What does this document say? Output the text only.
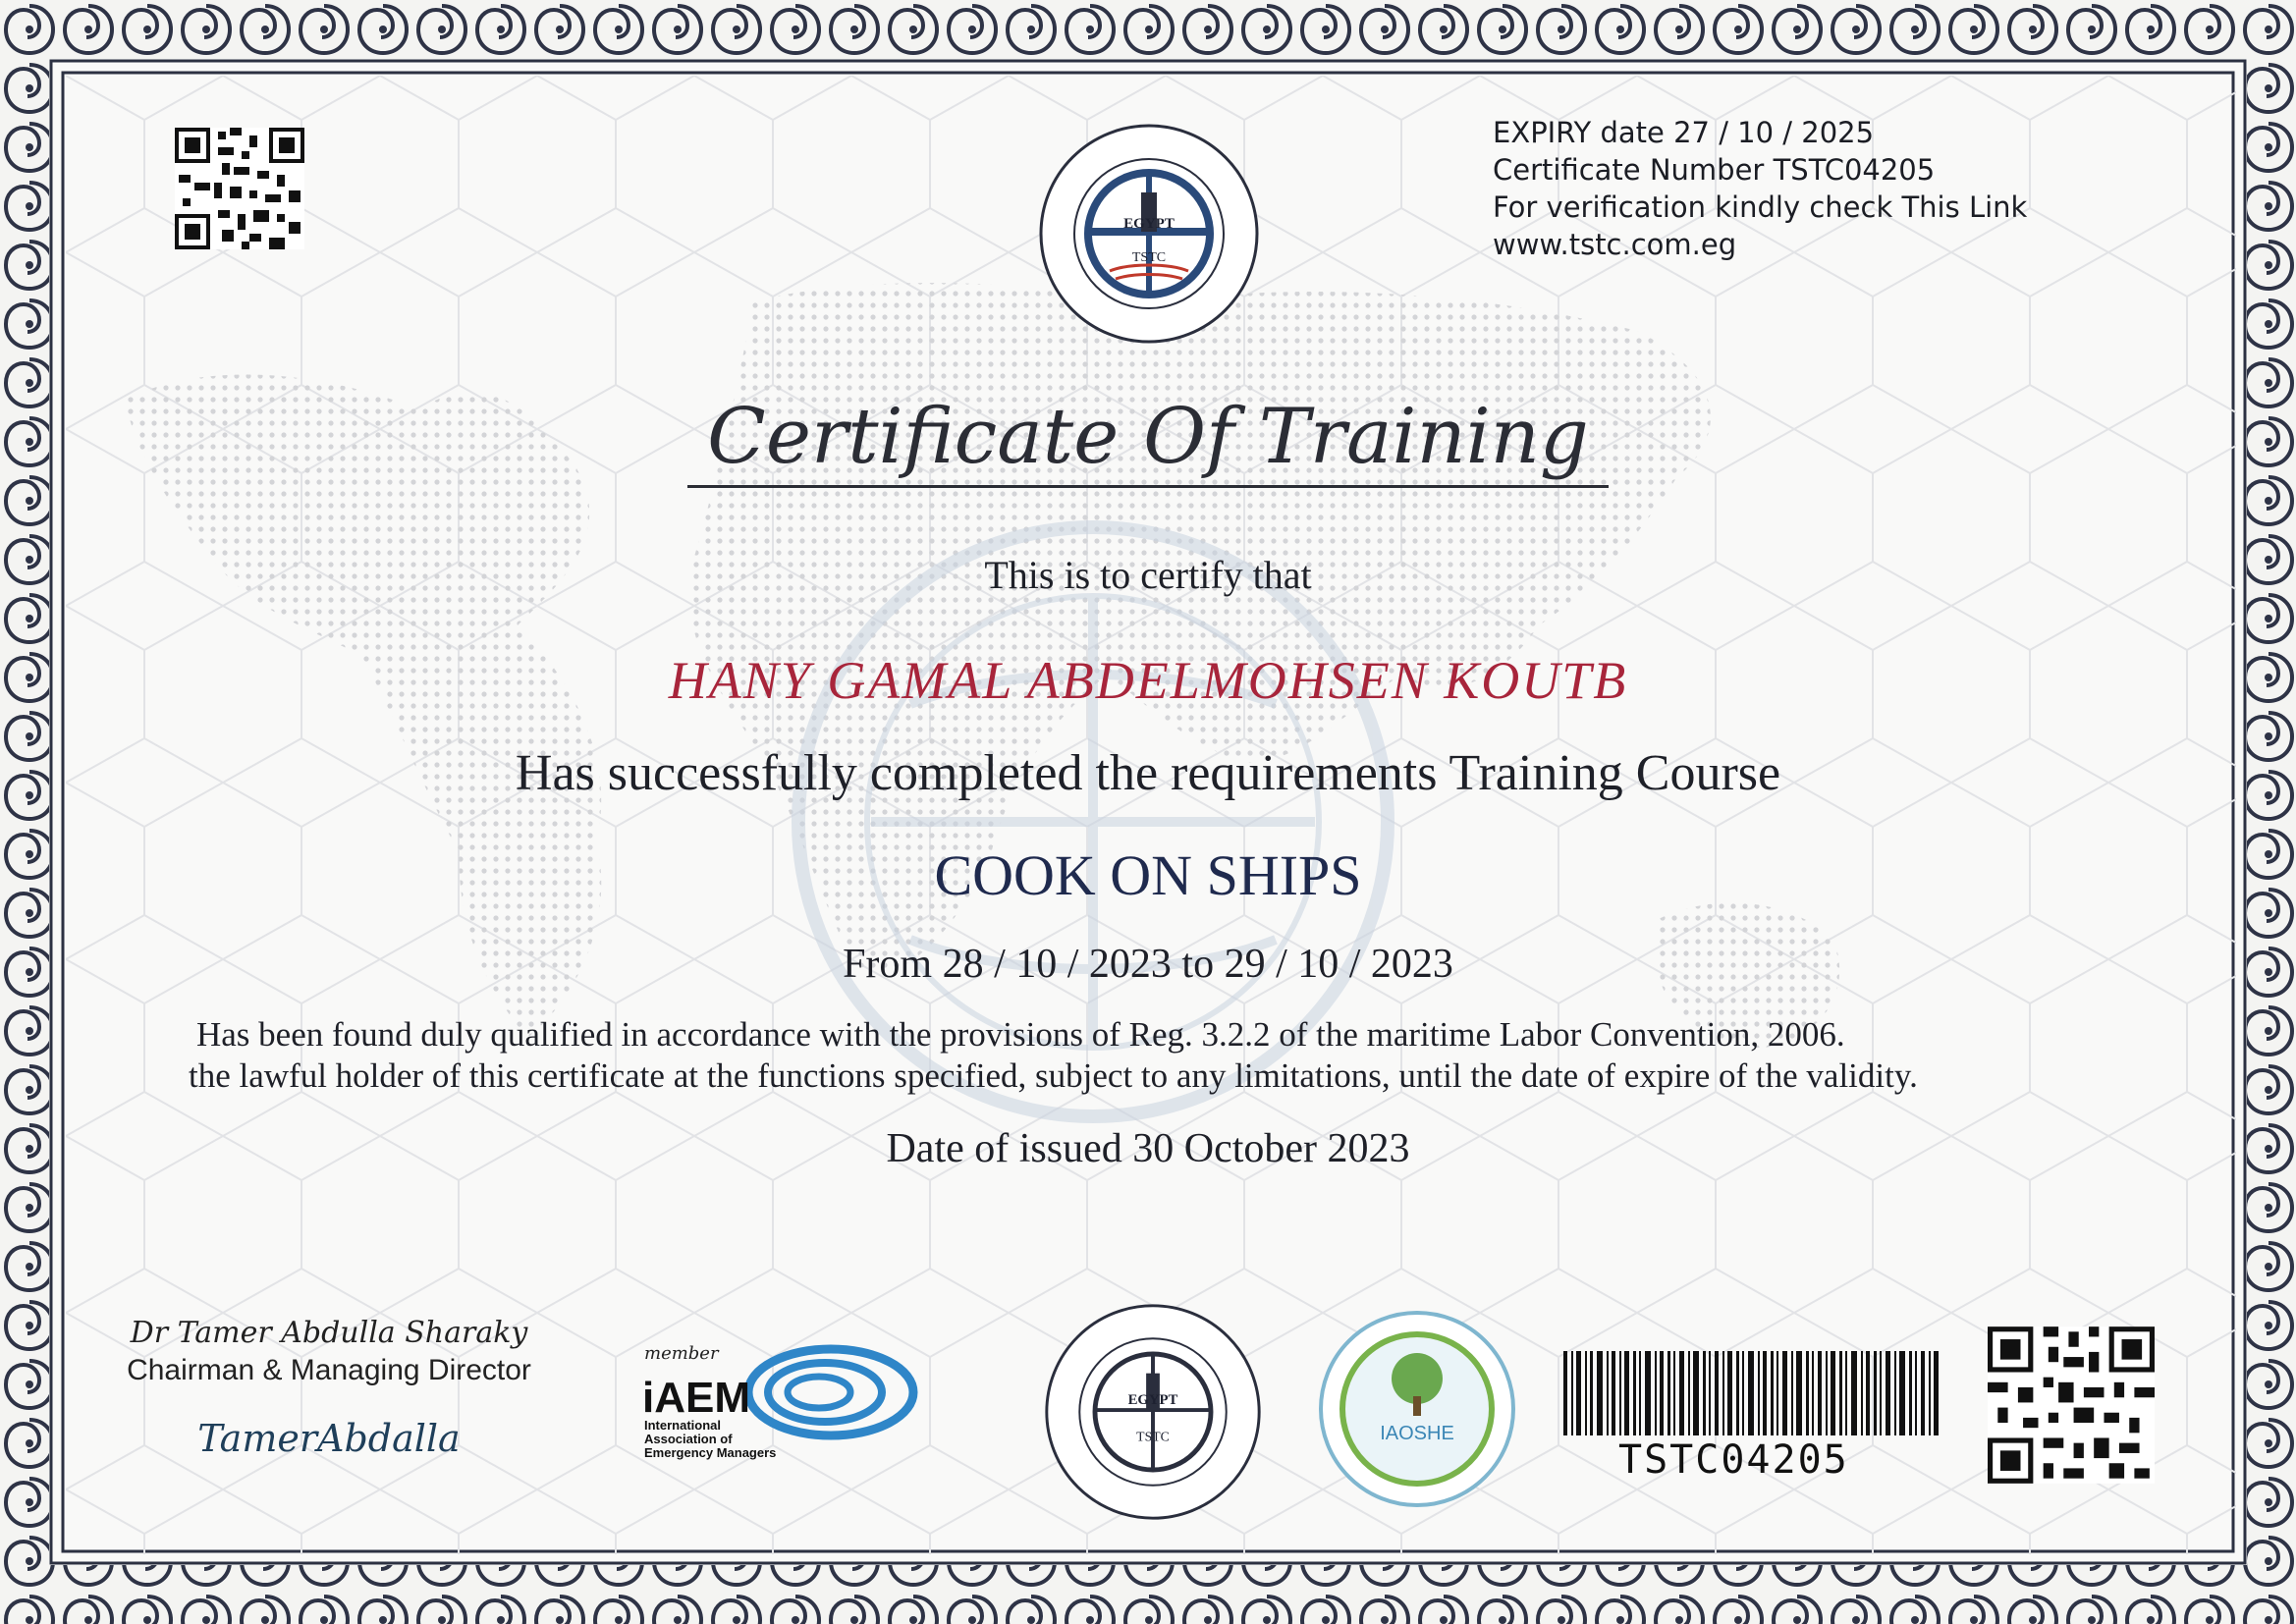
EGYPT
TSTC
EXPIRY date 27 / 10 / 2025
Certificate Number TSTC04205
For verification kindly check This Link
www.tstc.com.eg
Certificate Of Training
This is to certify that
HANY GAMAL ABDELMOHSEN KOUTB
Has successfully completed the requirements Training Course
COOK ON SHIPS
From 28 / 10 / 2023 to 29 / 10 / 2023
Has been found duly qualified in accordance with the provisions of Reg. 3.2.2 of the maritime Labor Convention, 2006.
the lawful holder of this certificate at the functions specified, subject to any limitations, until the date of expire of the validity.
Date of issued 30 October 2023
Dr Tamer Abdulla Sharaky
Chairman & Managing Director
TamerAbdalla
member
iAEM
International
Association of
Emergency Managers
EGYPT
TSTC	IAOSHE
TSTC04205
